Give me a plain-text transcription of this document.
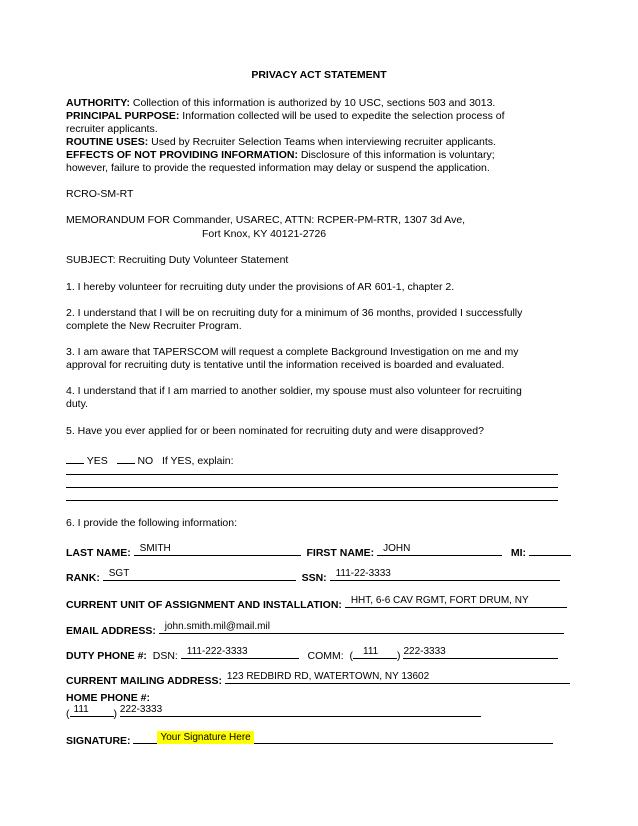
PRIVACY ACT STATEMENT
AUTHORITY: Collection of this information is authorized by 10 USC, sections 503 and 3013.
PRINCIPAL PURPOSE: Information collected will be used to expedite the selection process of
recruiter applicants.
ROUTINE USES: Used by Recruiter Selection Teams when interviewing recruiter applicants.
EFFECTS OF NOT PROVIDING INFORMATION: Disclosure of this information is voluntary;
however, failure to provide the requested information may delay or suspend the application.
RCRO-SM-RT
MEMORANDUM FOR Commander, USAREC, ATTN: RCPER-PM-RTR, 1307 3d Ave,
Fort Knox, KY 40121-2726
SUBJECT: Recruiting Duty Volunteer Statement
1. I hereby volunteer for recruiting duty under the provisions of AR 601-1, chapter 2.
2. I understand that I will be on recruiting duty for a minimum of 36 months, provided I successfully
complete the New Recruiter Program.
3. I am aware that TAPERSCOM will request a complete Background Investigation on me and my
approval for recruiting duty is tentative until the information received is boarded and evaluated.
4. I understand that if I am married to another soldier, my spouse must also volunteer for recruiting
duty.
5. Have you ever applied for or been nominated for recruiting duty and were disapproved?
YES	NO If YES, explain:
6. I provide the following information:
LAST NAME: SMITH	FIRST NAME: JOHN	MI:
RANK: SGT	SSN: 111-22-3333
CURRENT UNIT OF ASSIGNMENT AND INSTALLATION: HHT, 6-6 CAV RGMT, FORT DRUM, NY
EMAIL ADDRESS: john.smith.mil@mail.mil
DUTY PHONE #: DSN: 111-222-3333	COMM:  ( 111 ) 222-3333
CURRENT MAILING ADDRESS: 123 REDBIRD RD, WATERTOWN, NY 13602
HOME PHONE #:
( 111 ) 222-3333
SIGNATURE:	Your Signature Here
